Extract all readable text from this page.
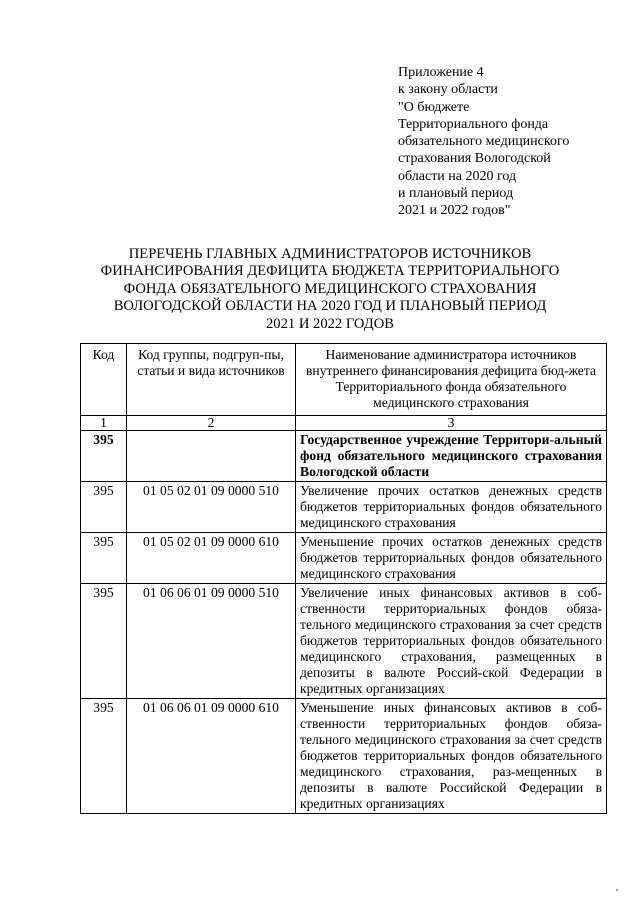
Приложение 4
к закону области
"О бюджете
Территориального фонда
обязательного медицинского
страхования Вологодской
области на 2020 год
и плановый период
2021 и 2022 годов"
ПЕРЕЧЕНЬ ГЛАВНЫХ АДМИНИСТРАТОРОВ ИСТОЧНИКОВ
ФИНАНСИРОВАНИЯ ДЕФИЦИТА БЮДЖЕТА ТЕРРИТОРИАЛЬНОГО
ФОНДА ОБЯЗАТЕЛЬНОГО МЕДИЦИНСКОГО СТРАХОВАНИЯ
ВОЛОГОДСКОЙ ОБЛАСТИ НА 2020 ГОД И ПЛАНОВЫЙ ПЕРИОД
2021 И 2022 ГОДОВ
Код	Код группы, подгруп-пы, статьи и вида источников	Наименование администратора источников внутреннего финансирования дефицита бюд-жета Территориального фонда обязательного медицинского страхования
1	2	3
395		Государственное учреждение Территори-альный фонд обязательного медицинского страхования Вологодской области
395	01 05 02 01 09 0000 510	Увеличение прочих остатков денежных средств бюджетов территориальных фондов обязательного медицинского страхования
395	01 05 02 01 09 0000 610	Уменьшение прочих остатков денежных средств бюджетов территориальных фондов обязательного медицинского страхования
395	01 06 06 01 09 0000 510	Увеличение иных финансовых активов в соб-ственности территориальных фондов обяза-тельного медицинского страхования за счет средств бюджетов территориальных фондов обязательного медицинского страхования, размещенных в депозиты в валюте Россий-ской Федерации в кредитных организациях
395	01 06 06 01 09 0000 610	Уменьшение иных финансовых активов в соб-ственности территориальных фондов обяза-тельного медицинского страхования за счет средств бюджетов территориальных фондов обязательного медицинского страхования, раз-мещенных в депозиты в валюте Российской Федерации в кредитных организациях
